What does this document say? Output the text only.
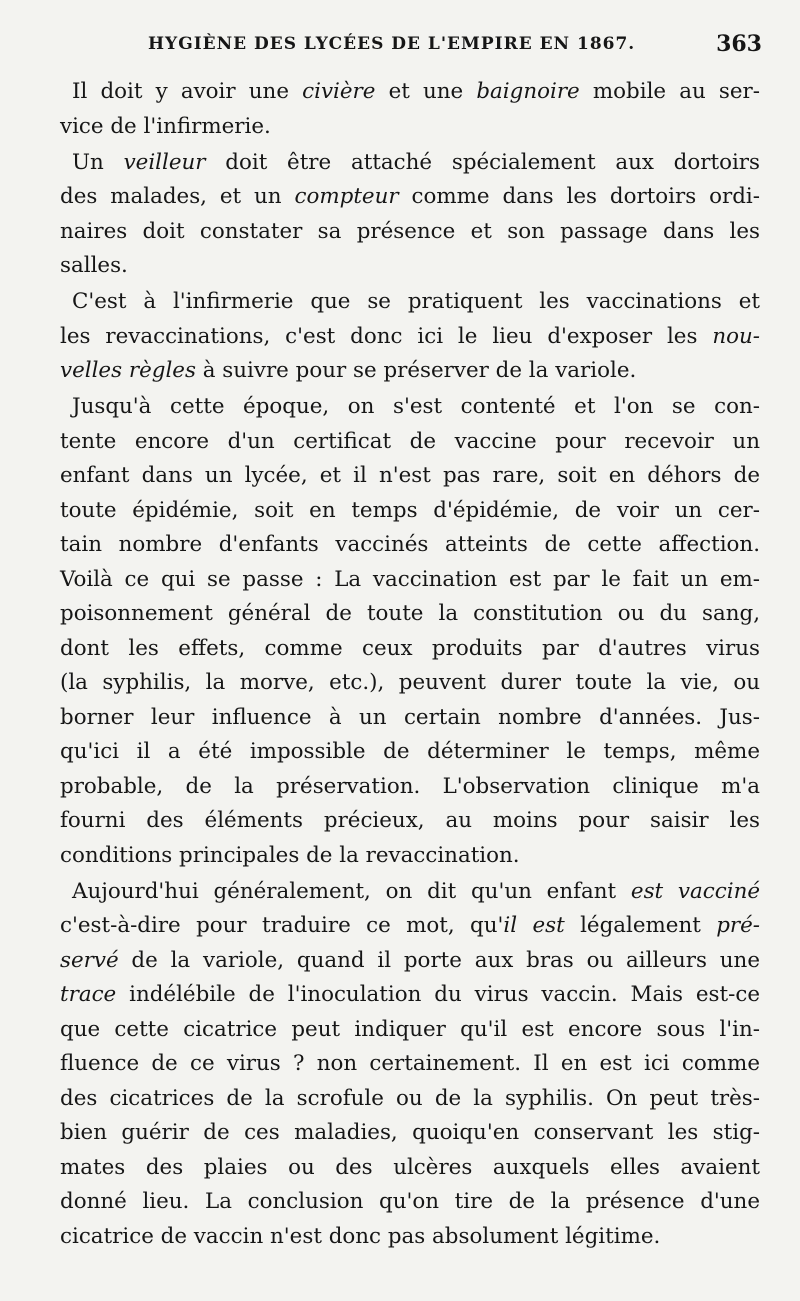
HYGIÈNE DES LYCÉES DE L'EMPIRE EN 1867.	363
Il doit y avoir une civière et une baignoire mobile au ser-
vice de l'infirmerie.
Un veilleur doit être attaché spécialement aux dortoirs
des malades, et un compteur comme dans les dortoirs ordi-
naires doit constater sa présence et son passage dans les
salles.
C'est à l'infirmerie que se pratiquent les vaccinations et
les revaccinations, c'est donc ici le lieu d'exposer les nou-
velles règles à suivre pour se préserver de la variole.
Jusqu'à cette époque, on s'est contenté et l'on se con-
tente encore d'un certificat de vaccine pour recevoir un
enfant dans un lycée, et il n'est pas rare, soit en déhors de
toute épidémie, soit en temps d'épidémie, de voir un cer-
tain nombre d'enfants vaccinés atteints de cette affection.
Voilà ce qui se passe : La vaccination est par le fait un em-
poisonnement général de toute la constitution ou du sang,
dont les effets, comme ceux produits par d'autres virus
(la syphilis, la morve, etc.), peuvent durer toute la vie, ou
borner leur influence à un certain nombre d'années. Jus-
qu'ici il a été impossible de déterminer le temps, même
probable, de la préservation. L'observation clinique m'a
fourni des éléments précieux, au moins pour saisir les
conditions principales de la revaccination.
Aujourd'hui généralement, on dit qu'un enfant est vacciné
c'est-à-dire pour traduire ce mot, qu'il est légalement pré-
servé de la variole, quand il porte aux bras ou ailleurs une
trace indélébile de l'inoculation du virus vaccin. Mais est-ce
que cette cicatrice peut indiquer qu'il est encore sous l'in-
fluence de ce virus ? non certainement. Il en est ici comme
des cicatrices de la scrofule ou de la syphilis. On peut très-
bien guérir de ces maladies, quoiqu'en conservant les stig-
mates des plaies ou des ulcères auxquels elles avaient
donné lieu. La conclusion qu'on tire de la présence d'une
cicatrice de vaccin n'est donc pas absolument légitime.
